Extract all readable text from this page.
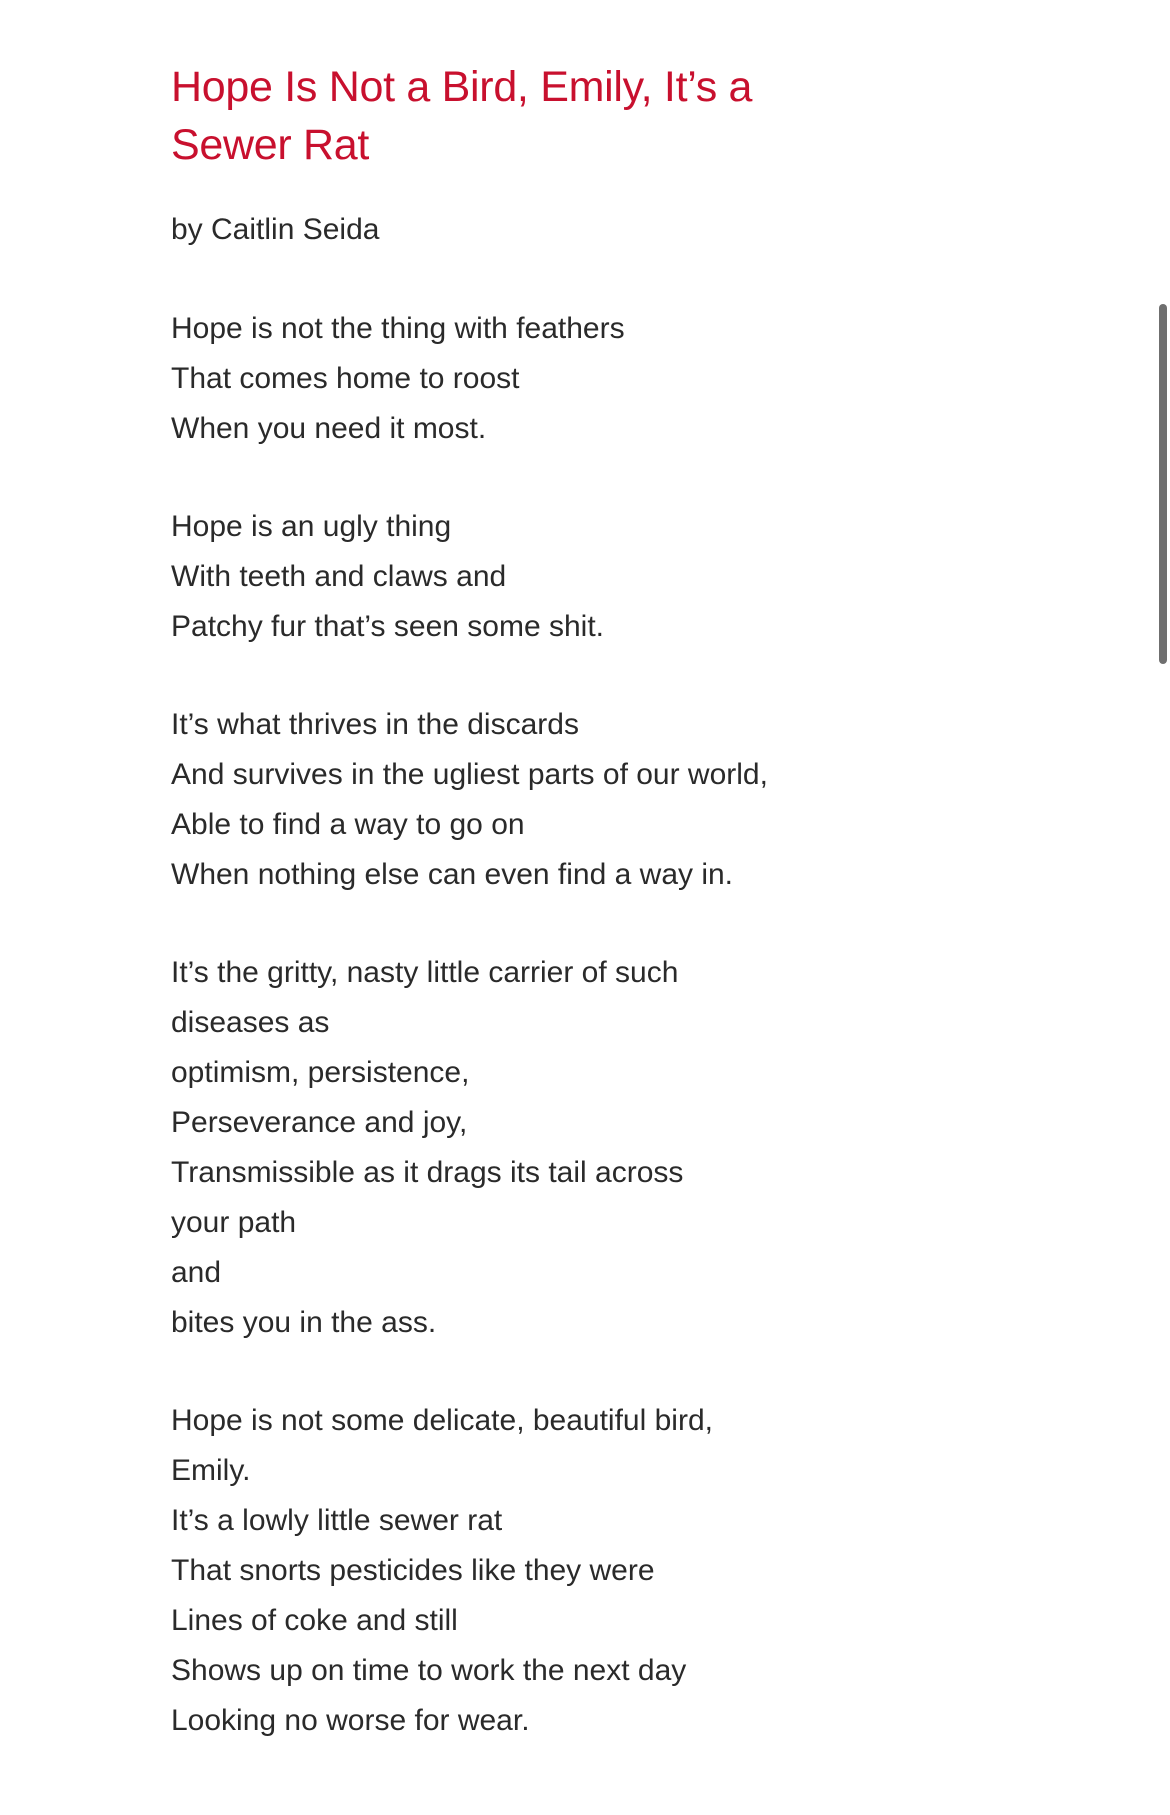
Hope Is Not a Bird, Emily, It’s a Sewer Rat

by Caitlin Seida

Hope is not the thing with feathers
That comes home to roost
When you need it most.
Hope is an ugly thing
With teeth and claws and
Patchy fur that’s seen some shit.
It’s what thrives in the discards
And survives in the ugliest parts of our world,
Able to find a way to go on
When nothing else can even find a way in.
It’s the gritty, nasty little carrier of such
diseases as
optimism, persistence,
Perseverance and joy,
Transmissible as it drags its tail across
your path
and
bites you in the ass.
Hope is not some delicate, beautiful bird,
Emily.
It’s a lowly little sewer rat
That snorts pesticides like they were
Lines of coke and still
Shows up on time to work the next day
Looking no worse for wear.
